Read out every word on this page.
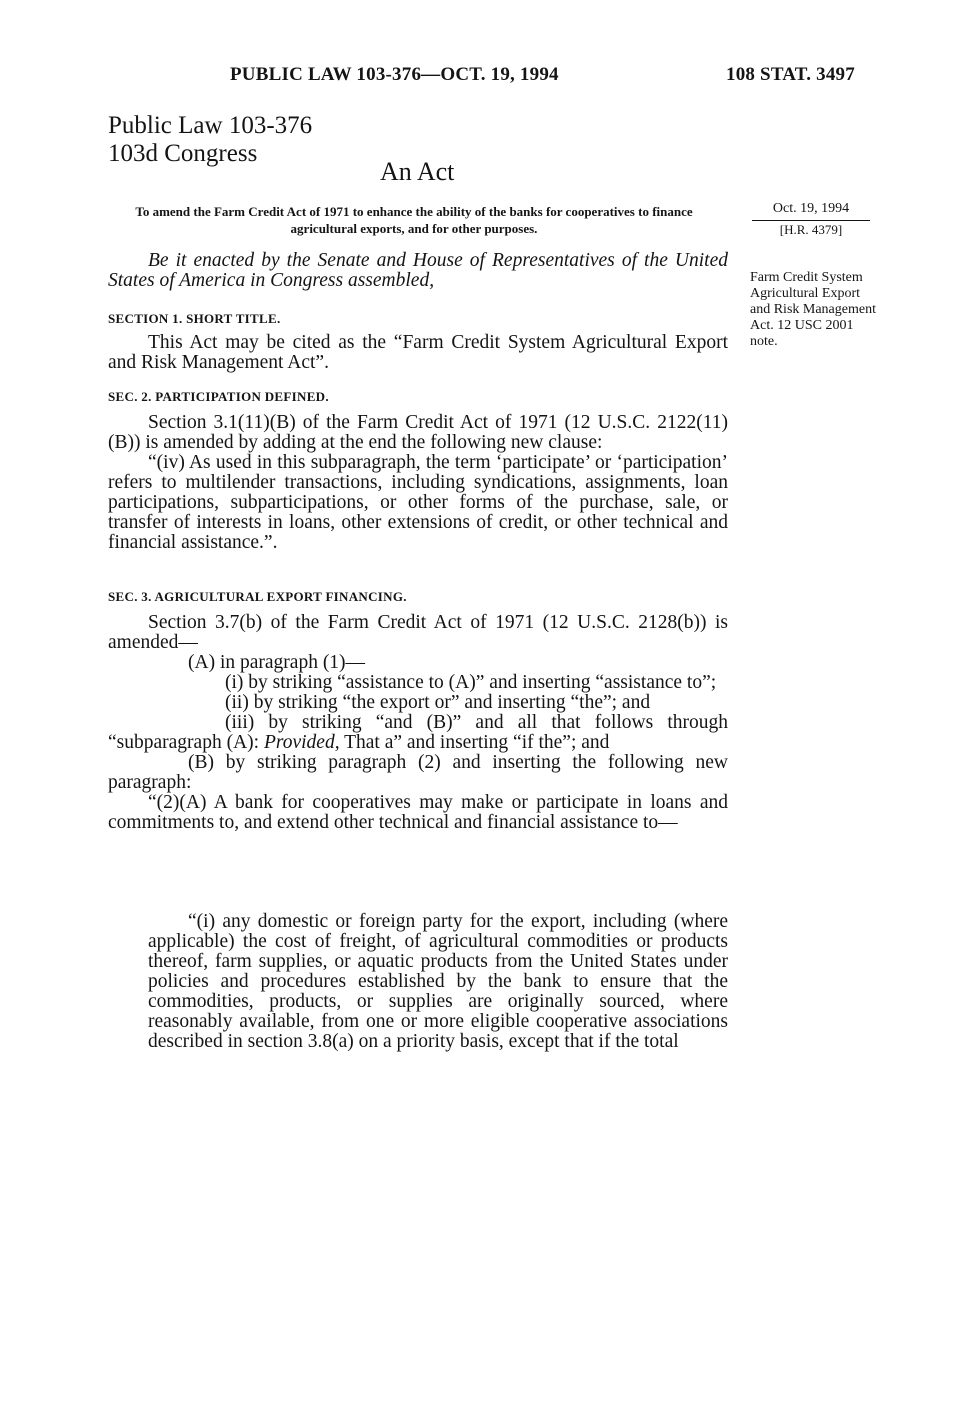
PUBLIC LAW 103-376—OCT. 19, 1994	108 STAT. 3497
Public Law 103-376
103d Congress
An Act
To amend the Farm Credit Act of 1971 to enhance the ability of the banks for cooperatives to finance agricultural exports, and for other purposes.
Oct. 19, 1994
[H.R. 4379]
Farm Credit System Agricultural Export and Risk Management Act. 12 USC 2001 note.

Be it enacted by the Senate and House of Representatives of the United States of America in Congress assembled,

SECTION 1. SHORT TITLE.

This Act may be cited as the “Farm Credit System Agricultural Export and Risk Management Act”.

SEC. 2. PARTICIPATION DEFINED.

Section 3.1(11)(B) of the Farm Credit Act of 1971 (12 U.S.C. 2122(11)(B)) is amended by adding at the end the following new clause:

“(iv) As used in this subparagraph, the term ‘participate’ or ‘participation’ refers to multilender transactions, including syndications, assignments, loan participations, subparticipations, or other forms of the purchase, sale, or transfer of interests in loans, other extensions of credit, or other technical and financial assistance.”.

SEC. 3. AGRICULTURAL EXPORT FINANCING.

Section 3.7(b) of the Farm Credit Act of 1971 (12 U.S.C. 2128(b)) is amended—

(A) in paragraph (1)—

(i) by striking “assistance to (A)” and inserting “assistance to”;

(ii) by striking “the export or” and inserting “the”; and

(iii) by striking “and (B)” and all that follows through “subparagraph (A): Provided, That a” and inserting “if the”; and

(B) by striking paragraph (2) and inserting the following new paragraph:

“(2)(A) A bank for cooperatives may make or participate in loans and commitments to, and extend other technical and financial assistance to—

“(i) any domestic or foreign party for the export, including (where applicable) the cost of freight, of agricultural commodities or products thereof, farm supplies, or aquatic products from the United States under policies and procedures established by the bank to ensure that the commodities, products, or supplies are originally sourced, where reasonably available, from one or more eligible cooperative associations described in section 3.8(a) on a priority basis, except that if the total
